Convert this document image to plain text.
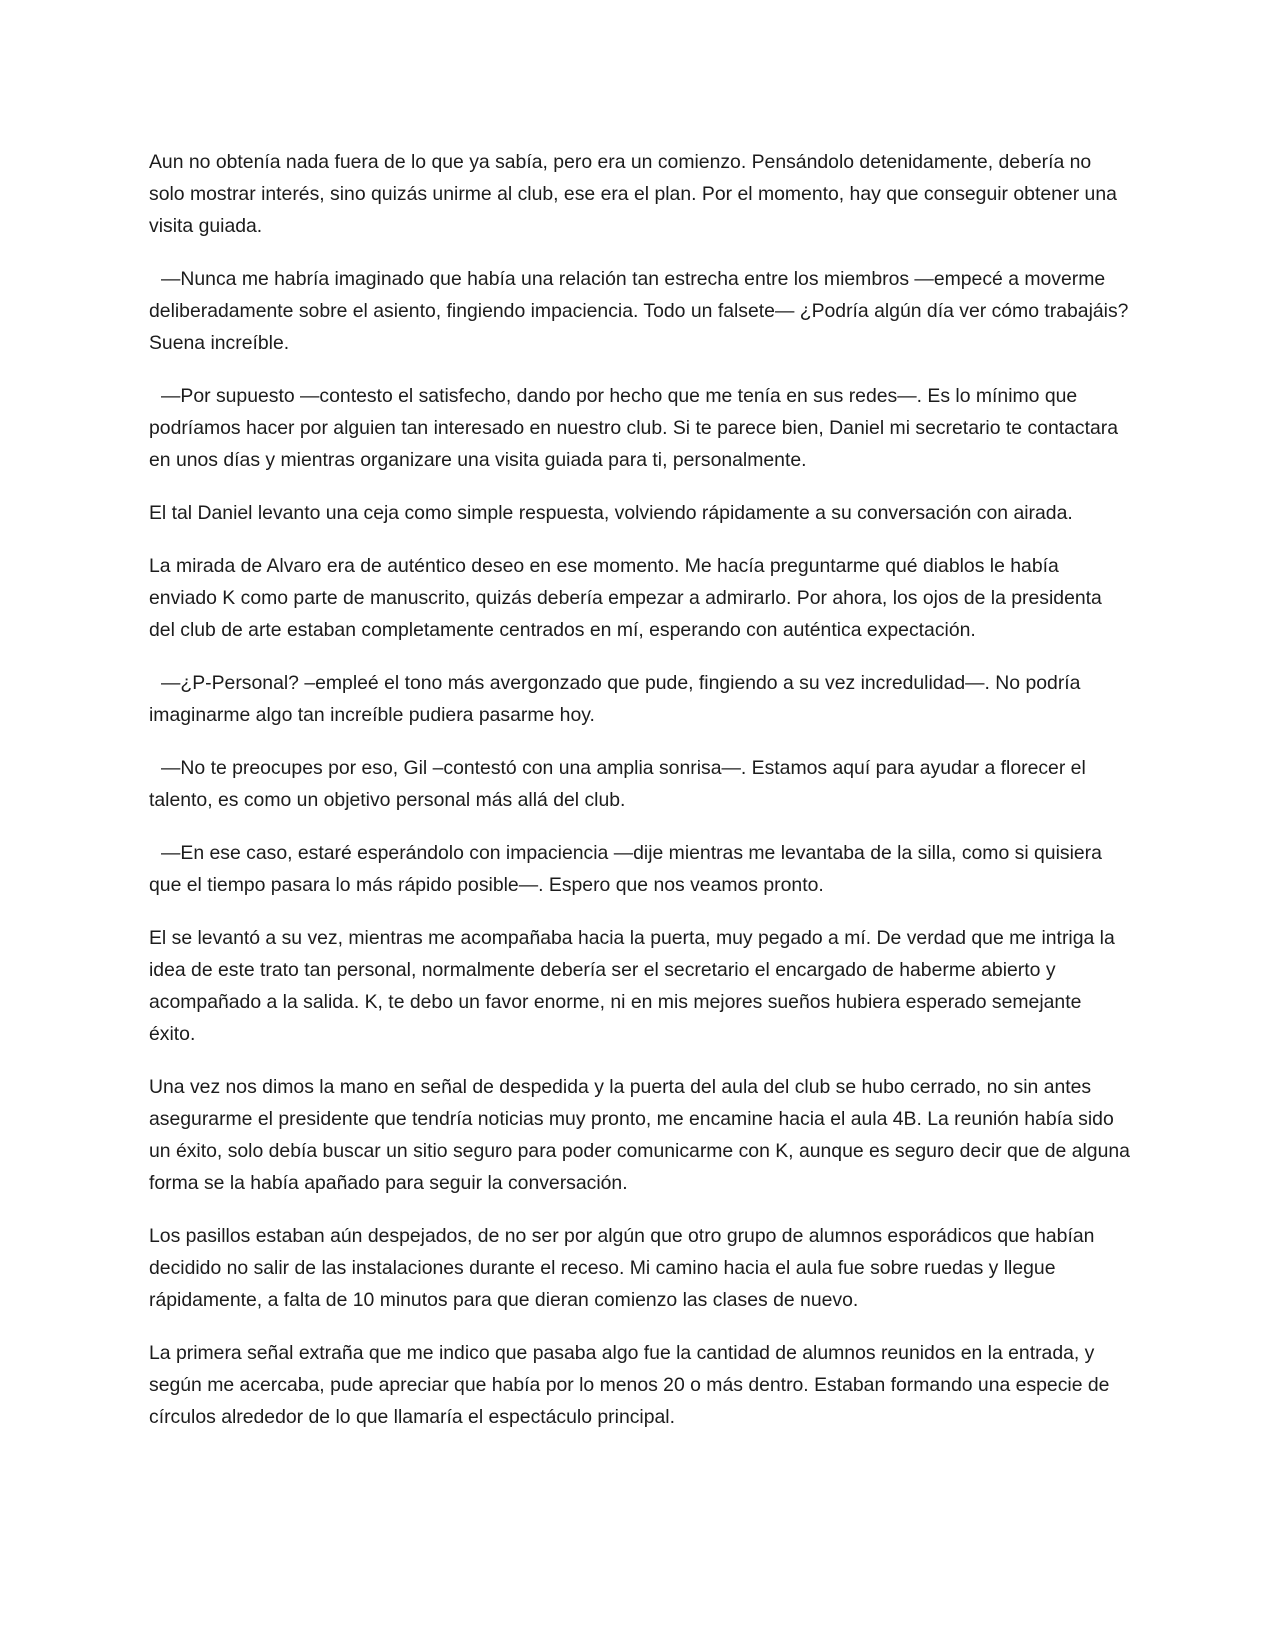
Aun no obtenía nada fuera de lo que ya sabía, pero era un comienzo. Pensándolo detenidamente, debería no solo mostrar interés, sino quizás unirme al club, ese era el plan. Por el momento, hay que conseguir obtener una visita guiada.

—Nunca me habría imaginado que había una relación tan estrecha entre los miembros —empecé a moverme deliberadamente sobre el asiento, fingiendo impaciencia. Todo un falsete— ¿Podría algún día ver cómo trabajáis? Suena increíble.

—Por supuesto —contesto el satisfecho, dando por hecho que me tenía en sus redes—. Es lo mínimo que podríamos hacer por alguien tan interesado en nuestro club. Si te parece bien, Daniel mi secretario te contactara en unos días y mientras organizare una visita guiada para ti, personalmente.

El tal Daniel levanto una ceja como simple respuesta, volviendo rápidamente a su conversación con airada.

La mirada de Alvaro era de auténtico deseo en ese momento. Me hacía preguntarme qué diablos le había enviado K como parte de manuscrito, quizás debería empezar a admirarlo. Por ahora, los ojos de la presidenta del club de arte estaban completamente centrados en mí, esperando con auténtica expectación.

—¿P-Personal? –empleé el tono más avergonzado que pude, fingiendo a su vez incredulidad—. No podría imaginarme algo tan increíble pudiera pasarme hoy.

—No te preocupes por eso, Gil –contestó con una amplia sonrisa—. Estamos aquí para ayudar a florecer el talento, es como un objetivo personal más allá del club.

—En ese caso, estaré esperándolo con impaciencia —dije mientras me levantaba de la silla, como si quisiera que el tiempo pasara lo más rápido posible—. Espero que nos veamos pronto.

El se levantó a su vez, mientras me acompañaba hacia la puerta, muy pegado a mí. De verdad que me intriga la idea de este trato tan personal, normalmente debería ser el secretario el encargado de haberme abierto y acompañado a la salida. K, te debo un favor enorme, ni en mis mejores sueños hubiera esperado semejante éxito.

Una vez nos dimos la mano en señal de despedida y la puerta del aula del club se hubo cerrado, no sin antes asegurarme el presidente que tendría noticias muy pronto, me encamine hacia el aula 4B. La reunión había sido un éxito, solo debía buscar un sitio seguro para poder comunicarme con K, aunque es seguro decir que de alguna forma se la había apañado para seguir la conversación.

Los pasillos estaban aún despejados, de no ser por algún que otro grupo de alumnos esporádicos que habían decidido no salir de las instalaciones durante el receso. Mi camino hacia el aula fue sobre ruedas y llegue rápidamente, a falta de 10 minutos para que dieran comienzo las clases de nuevo.

La primera señal extraña que me indico que pasaba algo fue la cantidad de alumnos reunidos en la entrada, y según me acercaba, pude apreciar que había por lo menos 20 o más dentro. Estaban formando una especie de círculos alrededor de lo que llamaría el espectáculo principal.
